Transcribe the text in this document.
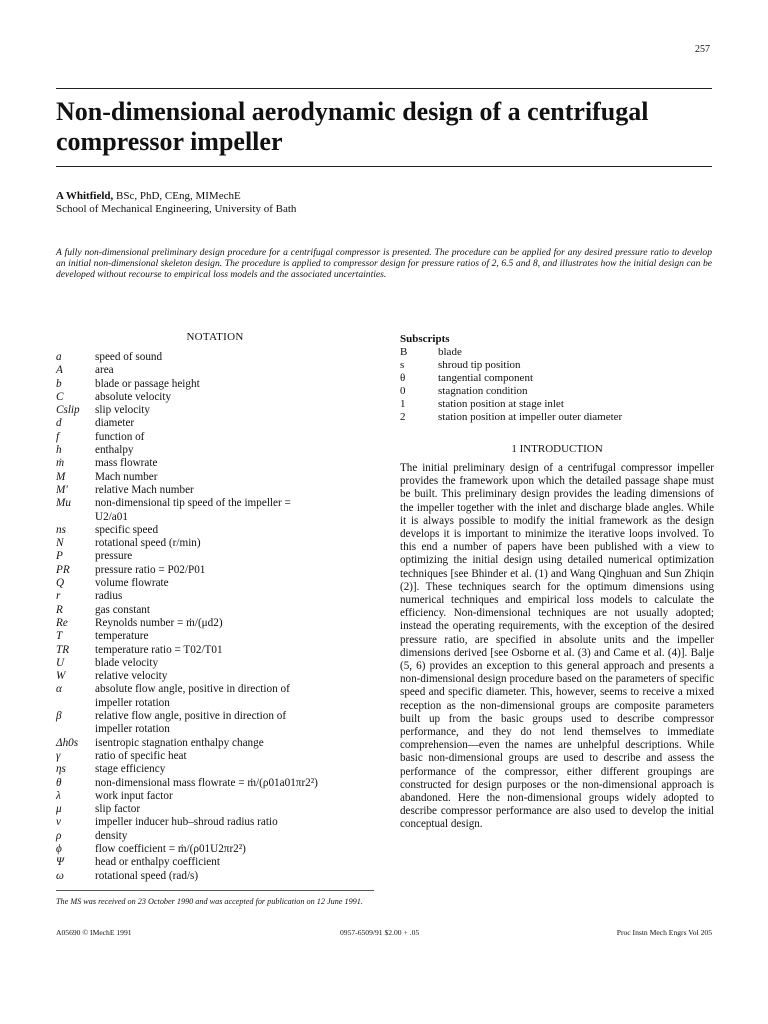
257
Non-dimensional aerodynamic design of a centrifugal compressor impeller
A Whitfield, BSc, PhD, CEng, MIMechE
School of Mechanical Engineering, University of Bath
A fully non-dimensional preliminary design procedure for a centrifugal compressor is presented. The procedure can be applied for any desired pressure ratio to develop an initial non-dimensional skeleton design. The procedure is applied to compressor design for pressure ratios of 2, 6.5 and 8, and illustrates how the initial design can be developed without recourse to empirical loss models and the associated uncertainties.
NOTATION
a	speed of sound
A	area
b	blade or passage height
C	absolute velocity
Cslip	slip velocity
d	diameter
f	function of
h	enthalpy
ṁ	mass flowrate
M	Mach number
M′	relative Mach number
Mu	non-dimensional tip speed of the impeller =
U2/a01
ns	specific speed
N	rotational speed (r/min)
P	pressure
PR	pressure ratio = P02/P01
Q	volume flowrate
r	radius
R	gas constant
Re	Reynolds number = ṁ/(μd2)
T	temperature
TR	temperature ratio = T02/T01
U	blade velocity
W	relative velocity
α	absolute flow angle, positive in direction of
impeller rotation
β	relative flow angle, positive in direction of
impeller rotation
Δh0s	isentropic stagnation enthalpy change
γ	ratio of specific heat
ηs	stage efficiency
θ	non-dimensional mass flowrate = ṁ/(ρ01a01πr2²)
λ	work input factor
μ	slip factor
ν	impeller inducer hub–shroud radius ratio
ρ	density
ϕ	flow coefficient = ṁ/(ρ01U2πr2²)
Ψ	head or enthalpy coefficient
ω	rotational speed (rad/s)
Subscripts
B	blade
s	shroud tip position
θ	tangential component
0	stagnation condition
1	station position at stage inlet
2	station position at impeller outer diameter
1 INTRODUCTION
The initial preliminary design of a centrifugal compressor impeller provides the framework upon which the detailed passage shape must be built. This preliminary design provides the leading dimensions of the impeller together with the inlet and discharge blade angles. While it is always possible to modify the initial framework as the design develops it is important to minimize the iterative loops involved. To this end a number of papers have been published with a view to optimizing the initial design using detailed numerical optimization techniques [see Bhinder et al. (1) and Wang Qinghuan and Sun Zhiqin (2)]. These techniques search for the optimum dimensions using numerical techniques and empirical loss models to calculate the efficiency. Non-dimensional techniques are not usually adopted; instead the operating requirements, with the exception of the desired pressure ratio, are specified in absolute units and the impeller dimensions derived [see Osborne et al. (3) and Came et al. (4)]. Balje (5, 6) provides an exception to this general approach and presents a non-dimensional design procedure based on the parameters of specific speed and specific diameter. This, however, seems to receive a mixed reception as the non-dimensional groups are composite parameters built up from the basic groups used to describe compressor performance, and they do not lend themselves to immediate comprehension—even the names are unhelpful descriptions. While basic non-dimensional groups are used to describe and assess the performance of the compressor, either different groupings are constructed for design purposes or the non-dimensional approach is abandoned. Here the non-dimensional groups widely adopted to describe compressor performance are also used to develop the initial conceptual design.
The MS was received on 23 October 1990 and was accepted for publication on 12 June 1991.
A05690 © IMechE 1991	0957-6509/91 $2.00 + .05	Proc Instn Mech Engrs Vol 205
